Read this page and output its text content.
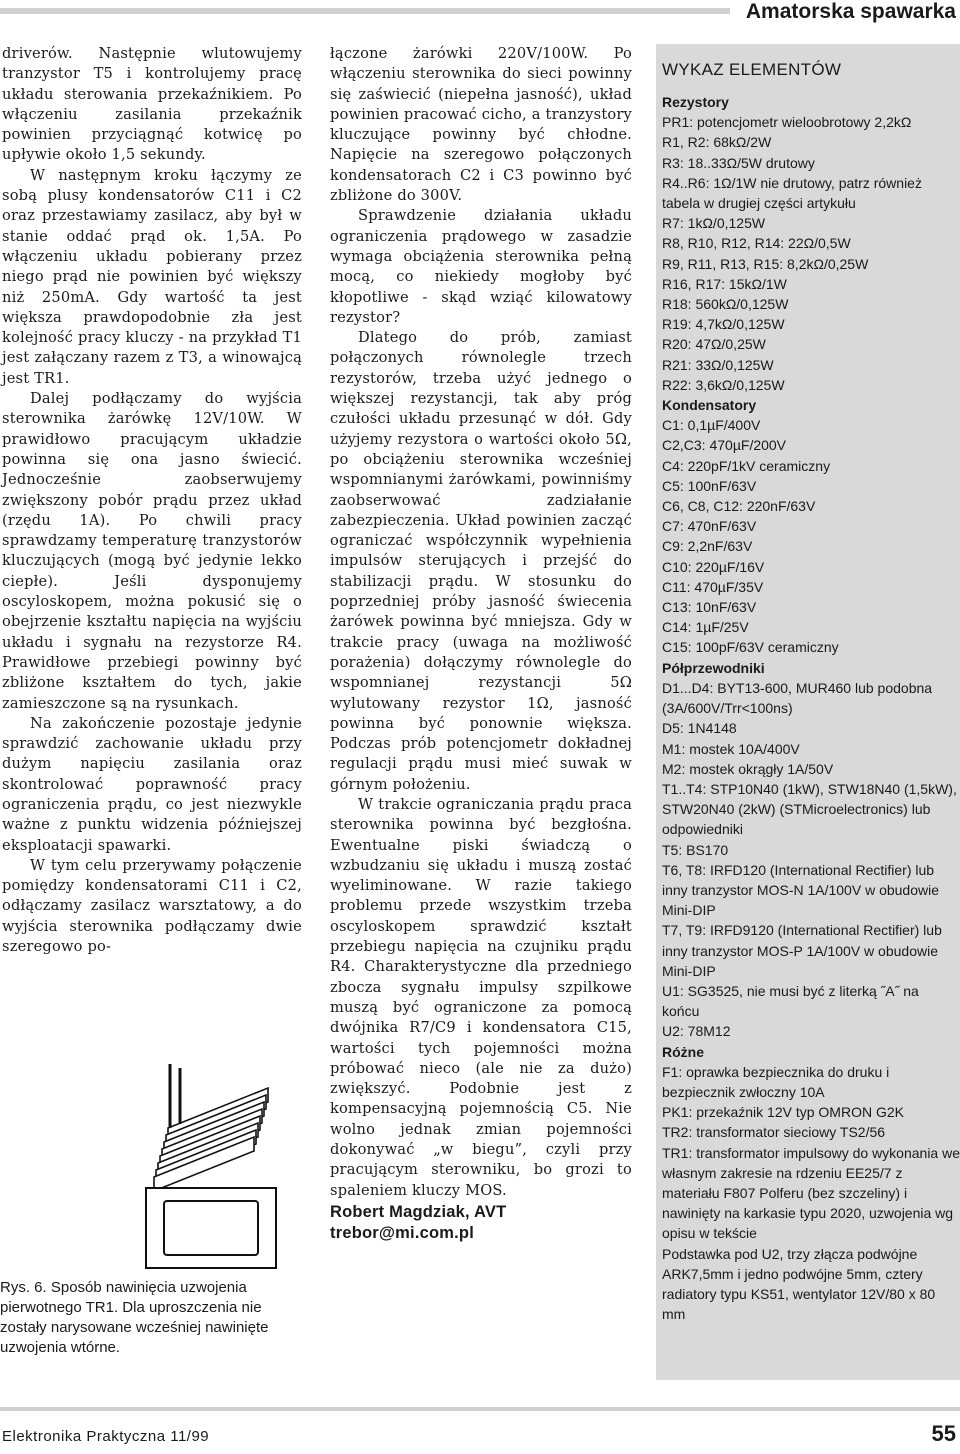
Amatorska spawarka

driverów. Następnie wlutowujemy tranzystor T5 i kontrolujemy pracę układu sterowania przekaźnikiem. Po włączeniu zasilania przekaźnik powinien przyciągnąć kotwicę po upływie około 1,5 sekundy.

W następnym kroku łączymy ze sobą plusy kondensatorów C11 i C2 oraz przestawiamy zasilacz, aby był w stanie oddać prąd ok. 1,5A. Po włączeniu układu pobierany przez niego prąd nie powinien być większy niż 250mA. Gdy wartość ta jest większa prawdopodobnie zła jest kolejność pracy kluczy - na przykład T1 jest załączany razem z T3, a winowajcą jest TR1.

Dalej podłączamy do wyjścia sterownika żarówkę 12V/10W. W prawidłowo pracującym układzie powinna się ona jasno świecić. Jednocześnie zaobserwujemy zwiększony pobór prądu przez układ (rzędu 1A). Po chwili pracy sprawdzamy temperaturę tranzystorów kluczujących (mogą być jedynie lekko ciepłe). Jeśli dysponujemy oscyloskopem, można pokusić się o obejrzenie kształtu napięcia na wyjściu układu i sygnału na rezystorze R4. Prawidłowe przebiegi powinny być zbliżone kształtem do tych, jakie zamieszczone są na rysunkach.

Na zakończenie pozostaje jedynie sprawdzić zachowanie układu przy dużym napięciu zasilania oraz skontrolować poprawność pracy ograniczenia prądu, co jest niezwykle ważne z punktu widzenia późniejszej eksploatacji spawarki.

W tym celu przerywamy połączenie pomiędzy kondensatorami C11 i C2, odłączamy zasilacz warsztatowy, a do wyjścia sterownika podłączamy dwie szeregowo po-

Rys. 6. Sposób nawinięcia uzwojenia pierwotnego TR1. Dla uproszczenia nie zostały narysowane wcześniej nawinięte uzwojenia wtórne.

łączone żarówki 220V/100W. Po włączeniu sterownika do sieci powinny się zaświecić (niepełna jasność), układ powinien pracować cicho, a tranzystory kluczujące powinny być chłodne. Napięcie na szeregowo połączonych kondensatorach C2 i C3 powinno być zbliżone do 300V.

Sprawdzenie działania układu ograniczenia prądowego w zasadzie wymaga obciążenia sterownika pełną mocą, co niekiedy mogłoby być kłopotliwe - skąd wziąć kilowatowy rezystor?

Dlatego do prób, zamiast połączonych równolegle trzech rezystorów, trzeba użyć jednego o większej rezystancji, tak aby próg czułości układu przesunąć w dół. Gdy użyjemy rezystora o wartości około 5Ω, po obciążeniu sterownika wcześniej wspomnianymi żarówkami, powinniśmy zaobserwować zadziałanie zabezpieczenia. Układ powinien zacząć ograniczać współczynnik wypełnienia impulsów sterujących i przejść do stabilizacji prądu. W stosunku do poprzedniej próby jasność świecenia żarówek powinna być mniejsza. Gdy w trakcie pracy (uwaga na możliwość porażenia) dołączymy równolegle do wspomnianej rezystancji 5Ω wylutowany rezystor 1Ω, jasność powinna być ponownie większa. Podczas prób potencjometr dokładnej regulacji prądu musi mieć suwak w górnym położeniu.

W trakcie ograniczania prądu praca sterownika powinna być bezgłośna. Ewentualne piski świadczą o wzbudzaniu się układu i muszą zostać wyeliminowane. W razie takiego problemu przede wszystkim trzeba oscyloskopem sprawdzić kształt przebiegu napięcia na czujniku prądu R4. Charakterystyczne dla przedniego zbocza sygnału impulsy szpilkowe muszą być ograniczone za pomocą dwójnika R7/C9 i kondensatora C15, wartości tych pojemności można próbować nieco (ale nie za dużo) zwiększyć. Podobnie jest z kompensacyjną pojemnością C5. Nie wolno jednak zmian pojemności dokonywać „w biegu”, czyli przy pracującym sterowniku, bo grozi to spaleniem kluczy MOS.

Robert Magdziak, AVT
trebor@mi.com.pl
WYKAZ ELEMENTÓW
Rezystory
PR1: potencjometr wieloobrotowy 2,2kΩ
R1, R2: 68kΩ/2W
R3: 18..33Ω/5W drutowy
R4..R6: 1Ω/1W nie drutowy, patrz również tabela w drugiej części artykułu
R7: 1kΩ/0,125W
R8, R10, R12, R14: 22Ω/0,5W
R9, R11, R13, R15: 8,2kΩ/0,25W
R16, R17: 15kΩ/1W
R18: 560kΩ/0,125W
R19: 4,7kΩ/0,125W
R20: 47Ω/0,25W
R21: 33Ω/0,125W
R22: 3,6kΩ/0,125W
Kondensatory
C1: 0,1µF/400V
C2,C3: 470µF/200V
C4: 220pF/1kV ceramiczny
C5: 100nF/63V
C6, C8, C12: 220nF/63V
C7: 470nF/63V
C9: 2,2nF/63V
C10: 220µF/16V
C11: 470µF/35V
C13: 10nF/63V
C14: 1µF/25V
C15: 100pF/63V ceramiczny
Półprzewodniki
D1...D4: BYT13-600, MUR460 lub podobna (3A/600V/Trr<100ns)
D5: 1N4148
M1: mostek 10A/400V
M2: mostek okrągły 1A/50V
T1..T4: STP10N40 (1kW), STW18N40 (1,5kW), STW20N40 (2kW) (STMicroelectronics) lub odpowiedniki
T5: BS170
T6, T8: IRFD120 (International Rectifier) lub inny tranzystor MOS-N 1A/100V w obudowie Mini-DIP
T7, T9: IRFD9120 (International Rectifier) lub inny tranzystor MOS-P 1A/100V w obudowie Mini-DIP
U1: SG3525, nie musi być z literką ˝A˝ na końcu
U2: 78M12
Różne
F1: oprawka bezpiecznika do druku i bezpiecznik zwłoczny 10A
PK1: przekaźnik 12V typ OMRON G2K
TR2: transformator sieciowy TS2/56
TR1: transformator impulsowy do wykonania we własnym zakresie na rdzeniu EE25/7 z materiału F807 Polferu (bez szczeliny) i nawinięty na karkasie typu 2020, uzwojenia wg opisu w tekście
Podstawka pod U2, trzy złącza podwójne ARK7,5mm i jedno podwójne 5mm, cztery radiatory typu KS51, wentylator 12V/80 x 80 mm
Elektronika Praktyczna 11/99	55
